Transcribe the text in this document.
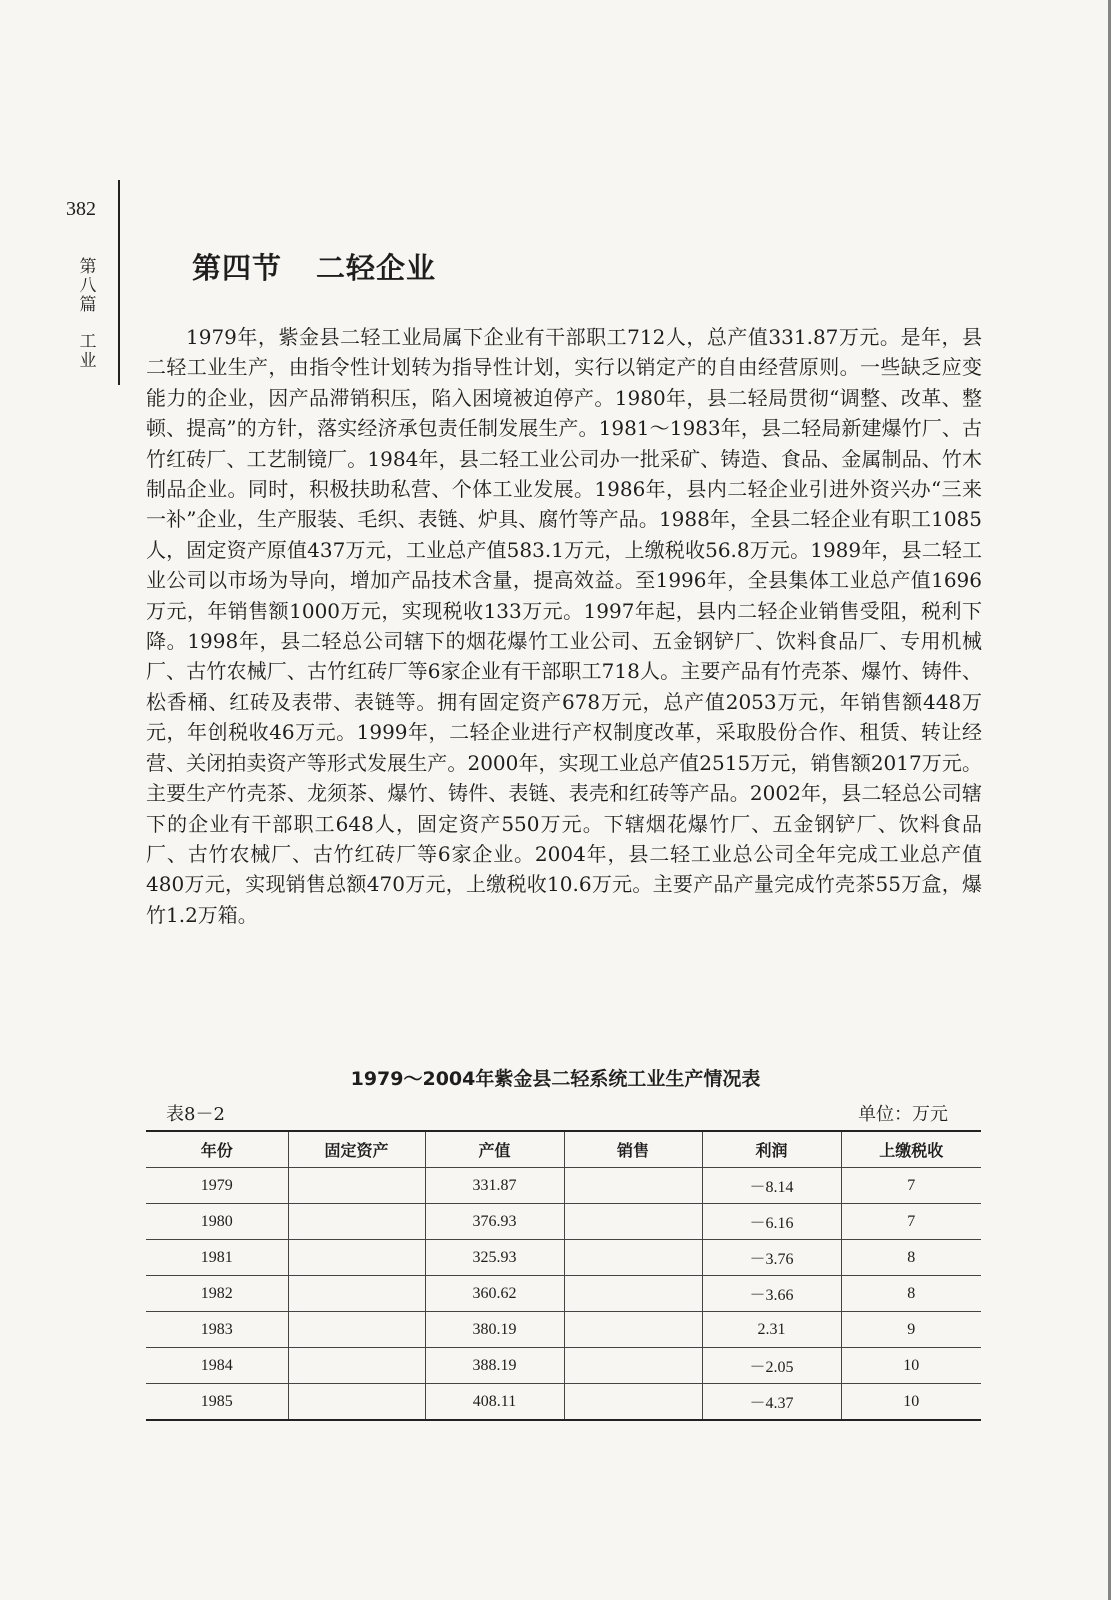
382
第八篇
工业
第四节 二轻企业

1979年，紫金县二轻工业局属下企业有干部职工712人，总产值331.87万元。是年，县二轻工业生产，由指令性计划转为指导性计划，实行以销定产的自由经营原则。一些缺乏应变能力的企业，因产品滞销积压，陷入困境被迫停产。1980年，县二轻局贯彻“调整、改革、整顿、提高”的方针，落实经济承包责任制发展生产。1981～1983年，县二轻局新建爆竹厂、古竹红砖厂、工艺制镜厂。1984年，县二轻工业公司办一批采矿、铸造、食品、金属制品、竹木制品企业。同时，积极扶助私营、个体工业发展。1986年，县内二轻企业引进外资兴办“三来一补”企业，生产服装、毛织、表链、炉具、腐竹等产品。1988年，全县二轻企业有职工1085人，固定资产原值437万元，工业总产值583.1万元，上缴税收56.8万元。1989年，县二轻工业公司以市场为导向，增加产品技术含量，提高效益。至1996年，全县集体工业总产值1696万元，年销售额1000万元，实现税收133万元。1997年起，县内二轻企业销售受阻，税利下降。1998年，县二轻总公司辖下的烟花爆竹工业公司、五金钢铲厂、饮料食品厂、专用机械厂、古竹农械厂、古竹红砖厂等6家企业有干部职工718人。主要产品有竹壳茶、爆竹、铸件、松香桶、红砖及表带、表链等。拥有固定资产678万元，总产值2053万元，年销售额448万元，年创税收46万元。1999年，二轻企业进行产权制度改革，采取股份合作、租赁、转让经营、关闭拍卖资产等形式发展生产。2000年，实现工业总产值2515万元，销售额2017万元。主要生产竹壳茶、龙须茶、爆竹、铸件、表链、表壳和红砖等产品。2002年，县二轻总公司辖下的企业有干部职工648人，固定资产550万元。下辖烟花爆竹厂、五金钢铲厂、饮料食品厂、古竹农械厂、古竹红砖厂等6家企业。2004年，县二轻工业总公司全年完成工业总产值480万元，实现销售总额470万元，上缴税收10.6万元。主要产品产量完成竹壳茶55万盒，爆竹1.2万箱。

1979～2004年紫金县二轻系统工业生产情况表
表8－2	单位：万元
年份	固定资产	产值	销售	利润	上缴税收
1979		331.87		－8.14	7
1980		376.93		－6.16	7
1981		325.93		－3.76	8
1982		360.62		－3.66	8
1983		380.19		2.31	9
1984		388.19		－2.05	10
1985		408.11		－4.37	10
